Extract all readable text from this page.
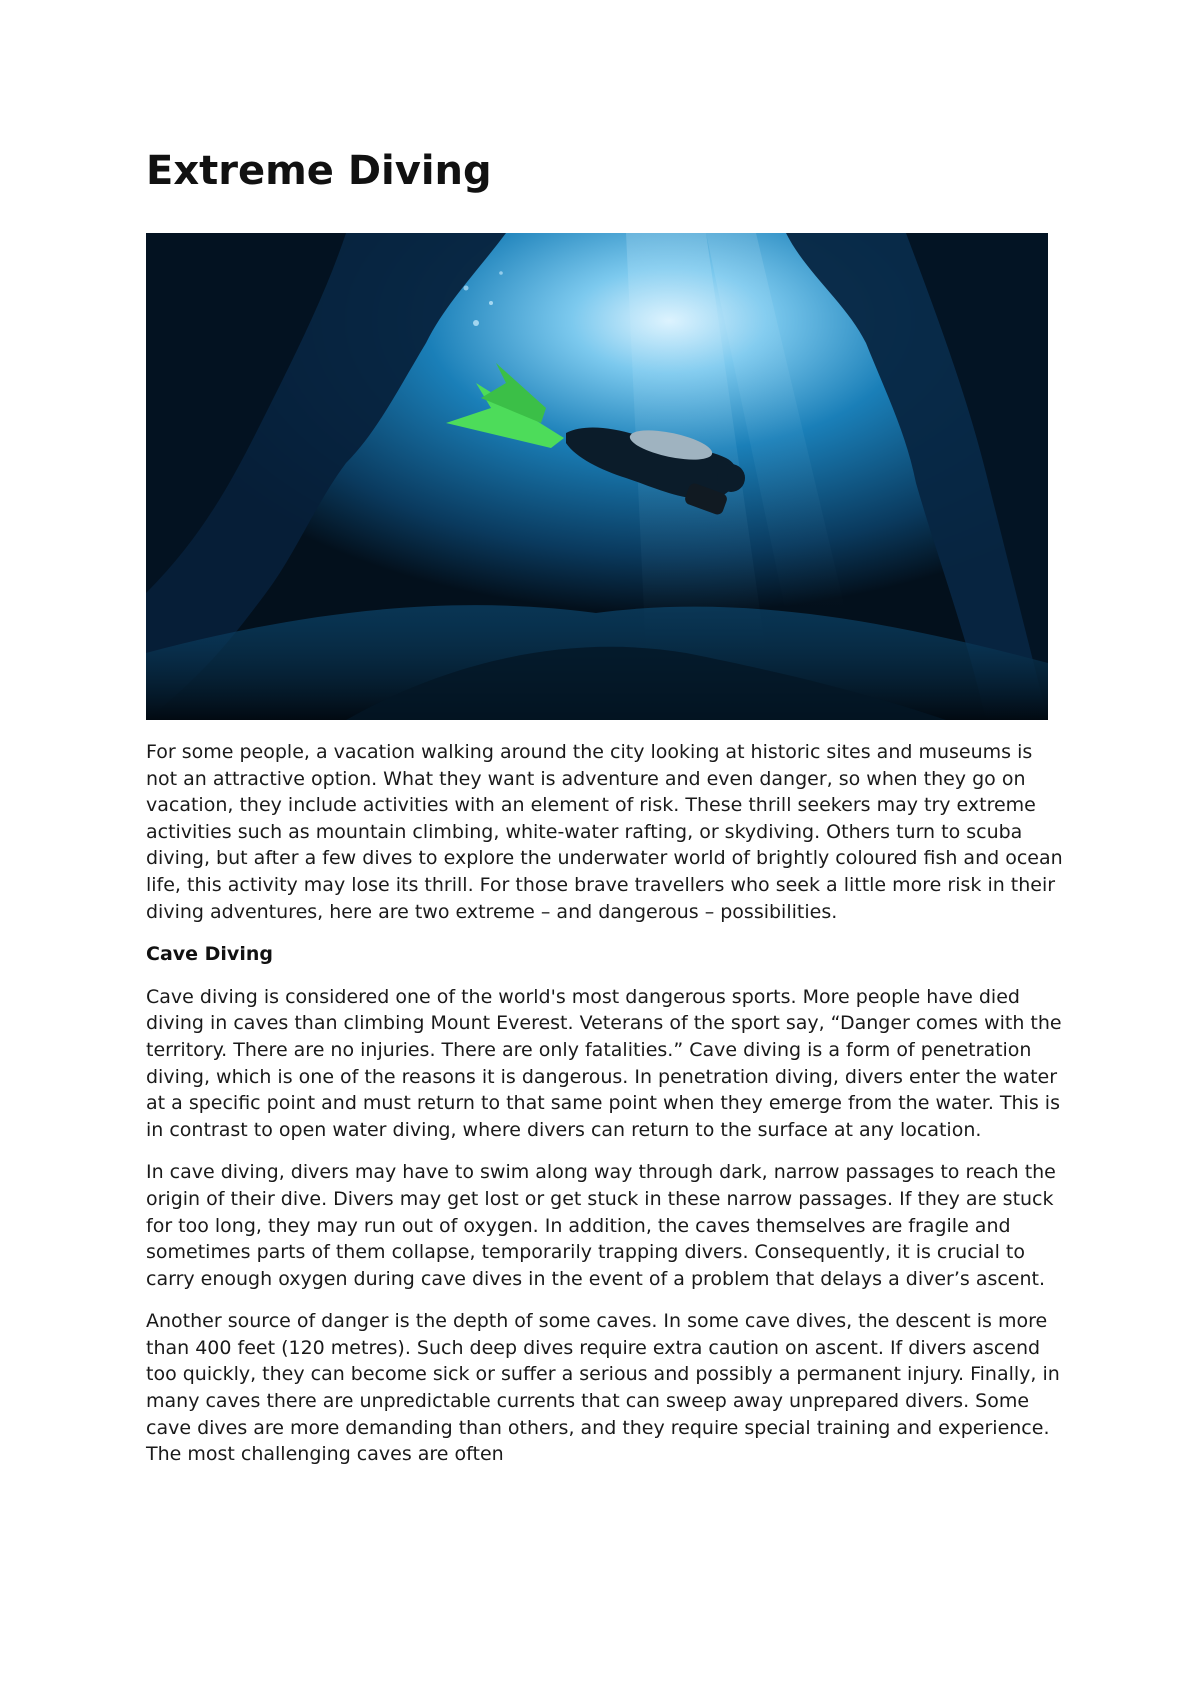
Extreme Diving

For some people, a vacation walking around the city looking at historic sites and museums is not an attractive option. What they want is adventure and even danger, so when they go on vacation, they include activities with an element of risk. These thrill seekers may try extreme activities such as mountain climbing, white-water rafting, or skydiving. Others turn to scuba diving, but after a few dives to explore the underwater world of brightly coloured fish and ocean life, this activity may lose its thrill. For those brave travellers who seek a little more risk in their diving adventures, here are two extreme – and dangerous – possibilities.

Cave Diving

Cave diving is considered one of the world's most dangerous sports. More people have died diving in caves than climbing Mount Everest. Veterans of the sport say, “Danger comes with the territory. There are no injuries. There are only fatalities.” Cave diving is a form of penetration diving, which is one of the reasons it is dangerous. In penetration diving, divers enter the water at a specific point and must return to that same point when they emerge from the water. This is in contrast to open water diving, where divers can return to the surface at any location.

In cave diving, divers may have to swim along way through dark, narrow passages to reach the origin of their dive. Divers may get lost or get stuck in these narrow passages. If they are stuck for too long, they may run out of oxygen. In addition, the caves themselves are fragile and sometimes parts of them collapse, temporarily trapping divers. Consequently, it is crucial to carry enough oxygen during cave dives in the event of a problem that delays a diver’s ascent.

Another source of danger is the depth of some caves. In some cave dives, the descent is more than 400 feet (120 metres). Such deep dives require extra caution on ascent. If divers ascend too quickly, they can become sick or suffer a serious and possibly a permanent injury. Finally, in many caves there are unpredictable currents that can sweep away unprepared divers. Some cave dives are more demanding than others, and they require special training and experience. The most challenging caves are often
